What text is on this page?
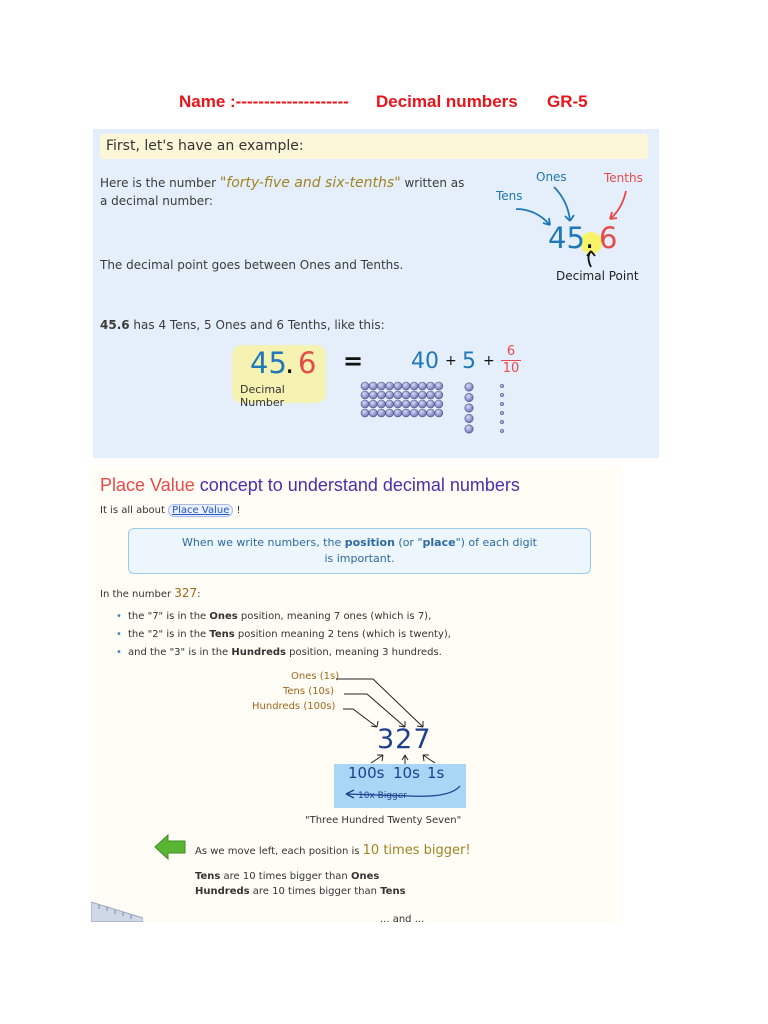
Name :-------------------- Decimal numbers GR-5
First, let's have an example:
Here is the number "forty-five and six-tenths" written as
a decimal number:
The decimal point goes between Ones and Tenths.
45.6 has 4 Tens, 5 Ones and 6 Tenths, like this:
Ones	Tenths
Tens
45 . 6
Decimal Point
45
. 6
Decimal Number
= 40 + 5 +
6
10
Place Value concept to understand decimal numbers
It is all about Place Value !
When we write numbers, the position (or "place") of each digit
is important.
In the number 327:
• the "7" is in the Ones position, meaning 7 ones (which is 7),
• the "2" is in the Tens position meaning 2 tens (which is twenty),
• and the "3" is in the Hundreds position, meaning 3 hundreds.
Ones (1s)
Tens (10s)
Hundreds (100s)
327
100s 10s 1s
10x Bigger
"Three Hundred Twenty Seven"
As we move left, each position is 10 times bigger!
Tens are 10 times bigger than Ones
Hundreds are 10 times bigger than Tens
... and ...
